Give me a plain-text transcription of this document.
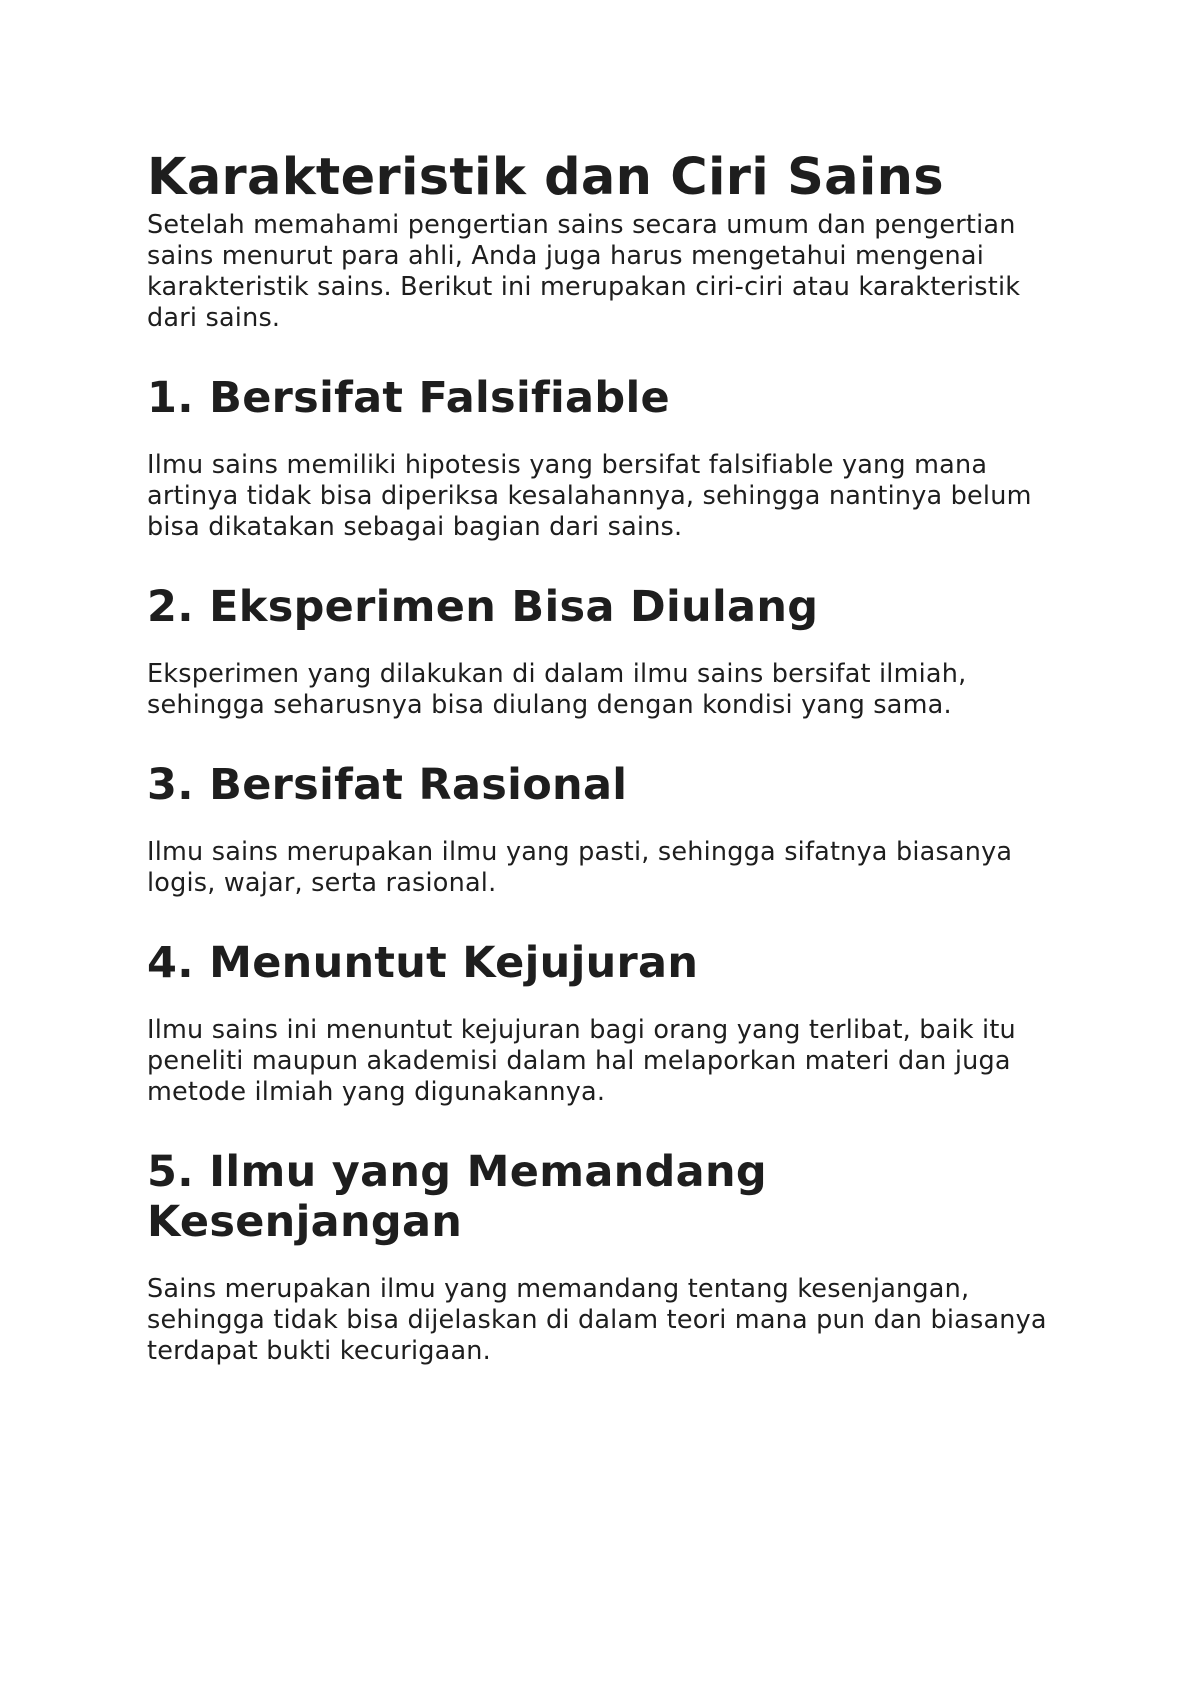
Karakteristik dan Ciri Sains

Setelah memahami pengertian sains secara umum dan pengertian sains menurut para ahli, Anda juga harus mengetahui mengenai karakteristik sains. Berikut ini merupakan ciri-ciri atau karakteristik dari sains.

1. Bersifat Falsifiable

Ilmu sains memiliki hipotesis yang bersifat falsifiable yang mana artinya tidak bisa diperiksa kesalahannya, sehingga nantinya belum bisa dikatakan sebagai bagian dari sains.

2. Eksperimen Bisa Diulang

Eksperimen yang dilakukan di dalam ilmu sains bersifat ilmiah, sehingga seharusnya bisa diulang dengan kondisi yang sama.

3. Bersifat Rasional

Ilmu sains merupakan ilmu yang pasti, sehingga sifatnya biasanya logis, wajar, serta rasional.

4. Menuntut Kejujuran

Ilmu sains ini menuntut kejujuran bagi orang yang terlibat, baik itu peneliti maupun akademisi dalam hal melaporkan materi dan juga metode ilmiah yang digunakannya.

5. Ilmu yang Memandang Kesenjangan

Sains merupakan ilmu yang memandang tentang kesenjangan, sehingga tidak bisa dijelaskan di dalam teori mana pun dan biasanya terdapat bukti kecurigaan.
